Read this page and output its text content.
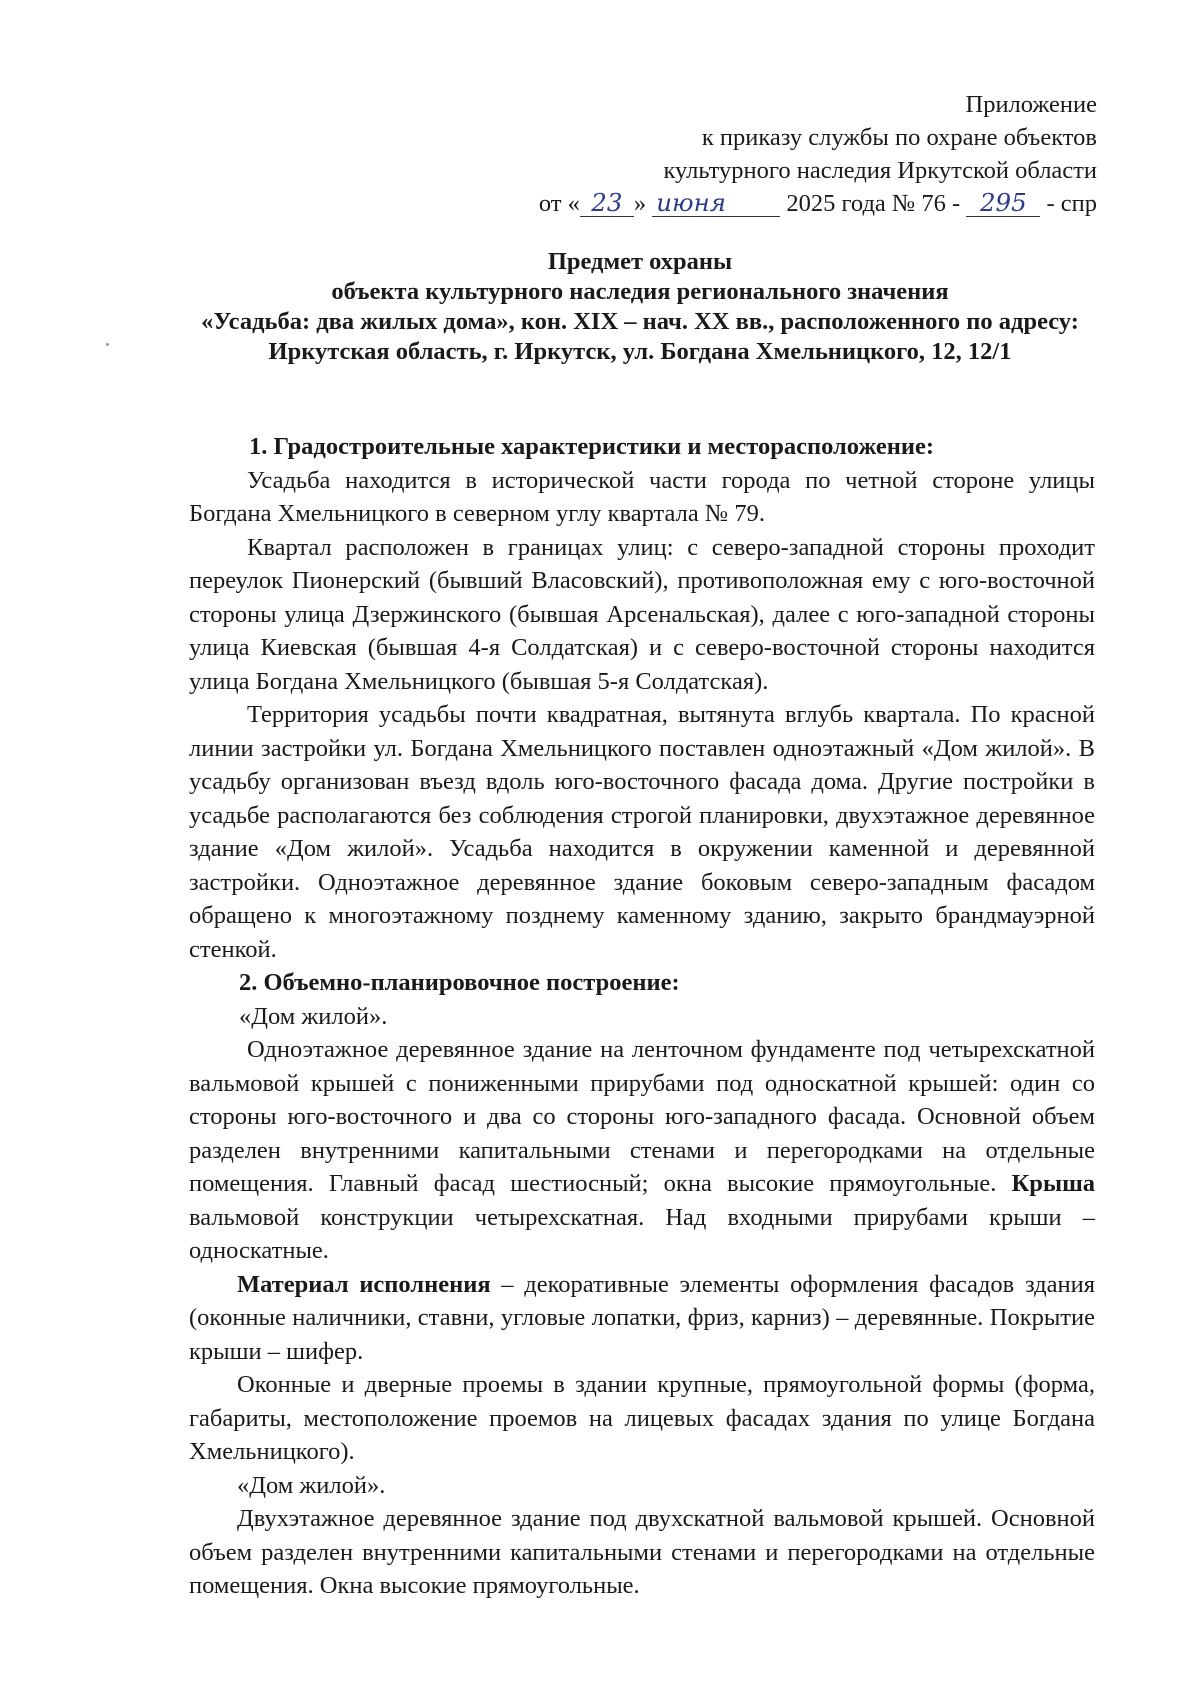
Приложение
к приказу службы по охране объектов
культурного наследия Иркутской области
от « 23 » июня 2025 года № 76 - 295 - спр
Предмет охраны
объекта культурного наследия регионального значения
«Усадьба: два жилых дома», кон. XIX – нач. XX вв., расположенного по адресу: Иркутская область, г. Иркутск, ул. Богдана Хмельницкого, 12, 12/1
1. Градостроительные характеристики и месторасположение:

Усадьба находится в исторической части города по четной стороне улицы Богдана Хмельницкого в северном углу квартала № 79.

Квартал расположен в границах улиц: с северо-западной стороны проходит переулок Пионерский (бывший Власовский), противоположная ему с юго-восточной стороны улица Дзержинского (бывшая Арсенальская), далее с юго-западной стороны улица Киевская (бывшая 4-я Солдатская) и с северо-восточной стороны находится улица Богдана Хмельницкого (бывшая 5-я Солдатская).

Территория усадьбы почти квадратная, вытянута вглубь квартала. По красной линии застройки ул. Богдана Хмельницкого поставлен одноэтажный «Дом жилой». В усадьбу организован въезд вдоль юго-восточного фасада дома. Другие постройки в усадьбе располагаются без соблюдения строгой планировки, двухэтажное деревянное здание «Дом жилой». Усадьба находится в окружении каменной и деревянной застройки. Одноэтажное деревянное здание боковым северо-западным фасадом обращено к многоэтажному позднему каменному зданию, закрыто брандмауэрной стенкой.

2. Объемно-планировочное построение:

«Дом жилой».

Одноэтажное деревянное здание на ленточном фундаменте под четырехскатной вальмовой крышей с пониженными прирубами под односкатной крышей: один со стороны юго-восточного и два со стороны юго-западного фасада. Основной объем разделен внутренними капитальными стенами и перегородками на отдельные помещения. Главный фасад шестиосный; окна высокие прямоугольные. Крыша вальмовой конструкции четырехскатная. Над входными прирубами крыши – односкатные.

Материал исполнения – декоративные элементы оформления фасадов здания (оконные наличники, ставни, угловые лопатки, фриз, карниз) – деревянные. Покрытие крыши – шифер.

Оконные и дверные проемы в здании крупные, прямоугольной формы (форма, габариты, местоположение проемов на лицевых фасадах здания по улице Богдана Хмельницкого).

«Дом жилой».

Двухэтажное деревянное здание под двухскатной вальмовой крышей. Основной объем разделен внутренними капитальными стенами и перегородками на отдельные помещения. Окна высокие прямоугольные.
